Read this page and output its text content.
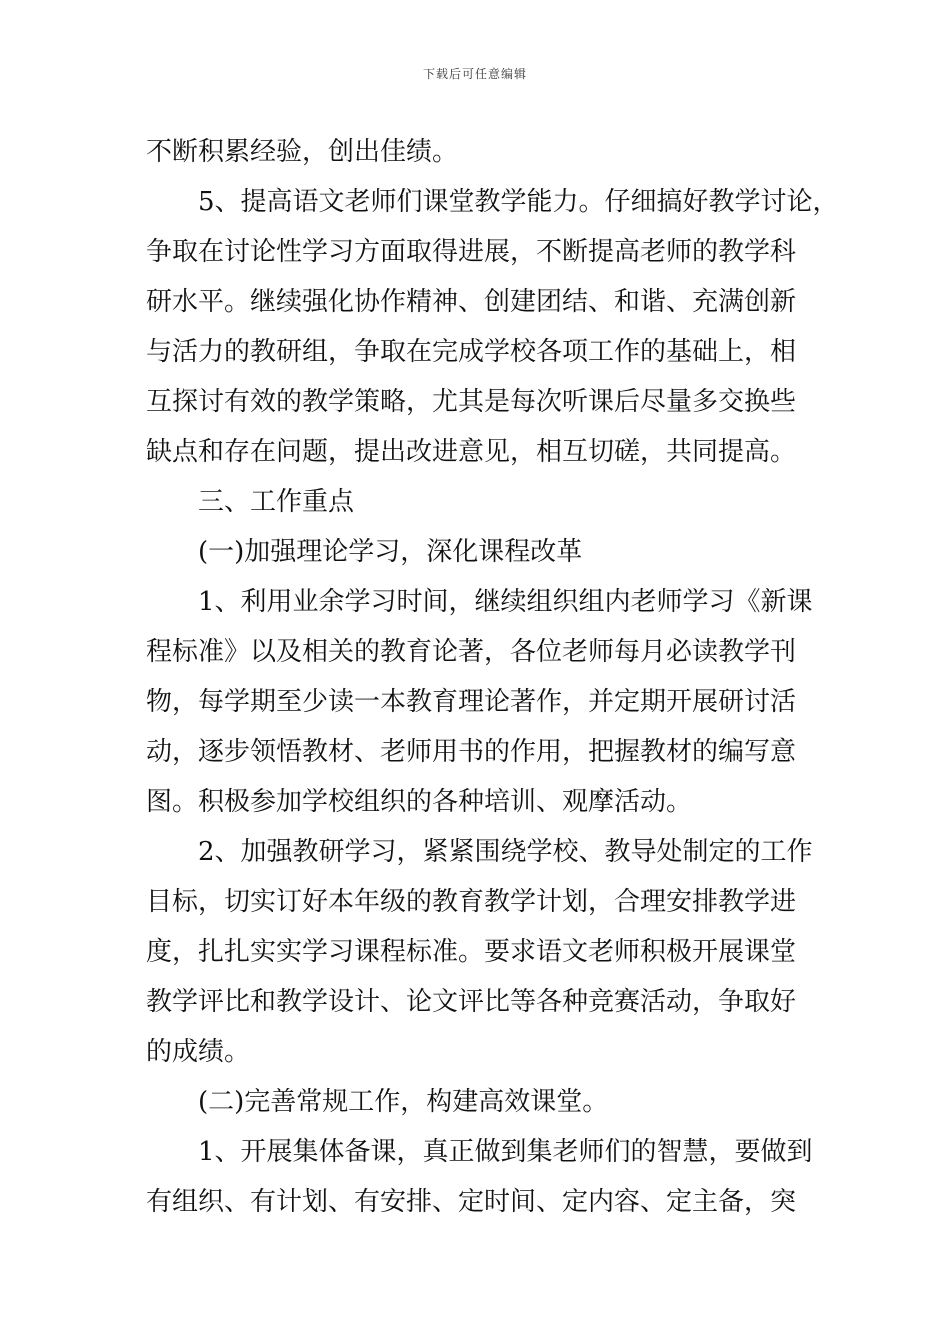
下载后可任意编辑
不断积累经验，创出佳绩。
5、提高语文老师们课堂教学能力。仔细搞好教学讨论，
争取在讨论性学习方面取得进展，不断提高老师的教学科
研水平。继续强化协作精神、创建团结、和谐、充满创新
与活力的教研组，争取在完成学校各项工作的基础上，相
互探讨有效的教学策略，尤其是每次听课后尽量多交换些
缺点和存在问题，提出改进意见，相互切磋，共同提高。
三、工作重点
(一)加强理论学习，深化课程改革
1、利用业余学习时间，继续组织组内老师学习《新课
程标准》以及相关的教育论著，各位老师每月必读教学刊
物，每学期至少读一本教育理论著作，并定期开展研讨活
动，逐步领悟教材、老师用书的作用，把握教材的编写意
图。积极参加学校组织的各种培训、观摩活动。
2、加强教研学习，紧紧围绕学校、教导处制定的工作
目标，切实订好本年级的教育教学计划，合理安排教学进
度，扎扎实实学习课程标准。要求语文老师积极开展课堂
教学评比和教学设计、论文评比等各种竞赛活动，争取好
的成绩。
(二)完善常规工作，构建高效课堂。
1、开展集体备课，真正做到集老师们的智慧，要做到
有组织、有计划、有安排、定时间、定内容、定主备，突
